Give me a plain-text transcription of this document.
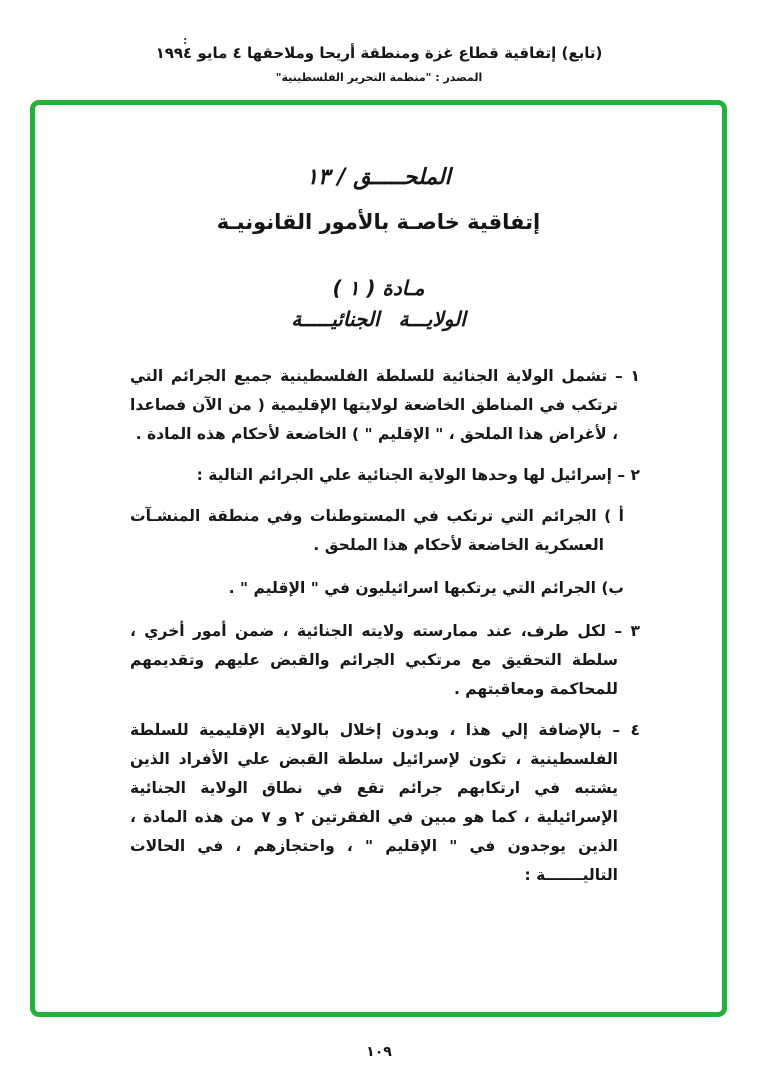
(تابع) إتفاقية قطاع غزة ومنطقة أريحا وملاحقها ٤ مايو ١٩٩٤
المصدر : "منظمة التحرير الفلسطينية"
:
الملحـــــق / ١٣
إتفاقية خاصـة بالأمور القانونيـة
مـادة ( ١ )
الولايـــة الجنائيـــــة

١ – تشمل الولاية الجنائية للسلطة الفلسطينية جميع الجرائم التي ترتكب في المناطق الخاضعة لولايتها الإقليمية ( من الآن فصاعدا ، لأغراض هذا الملحق ، " الإقليم " ) الخاضعة لأحكام هذه المادة .

٢ – إسرائيل لها وحدها الولاية الجنائية علي الجرائم التالية :

أ ) الجرائم التي ترتكب في المستوطنات وفي منطقة المنشـآت العسكرية الخاضعة لأحكام هذا الملحق .

ب) الجرائم التي يرتكبها اسرائيليون في " الإقليم " .

٣ – لكل طرف، عند ممارسته ولايته الجنائية ، ضمن أمور أخري ، سلطة التحقيق مع مرتكبي الجرائم والقبض عليهم وتقديمهم للمحاكمة ومعاقبتهم .

٤ – بالإضافة إلي هذا ، وبدون إخلال بالولاية الإقليمية للسلطة الفلسطينية ، تكون لإسرائيل سلطة القبض علي الأفراد الذين يشتبه في ارتكابهم جرائم تقع في نطاق الولاية الجنائية الإسرائيلية ، كما هو مبين في الفقرتين ٢ و ٧ من هذه المادة ، الذين يوجدون في " الإقليم " ، واحتجازهم ، في الحالات التاليـــــــة :

١٠٩
